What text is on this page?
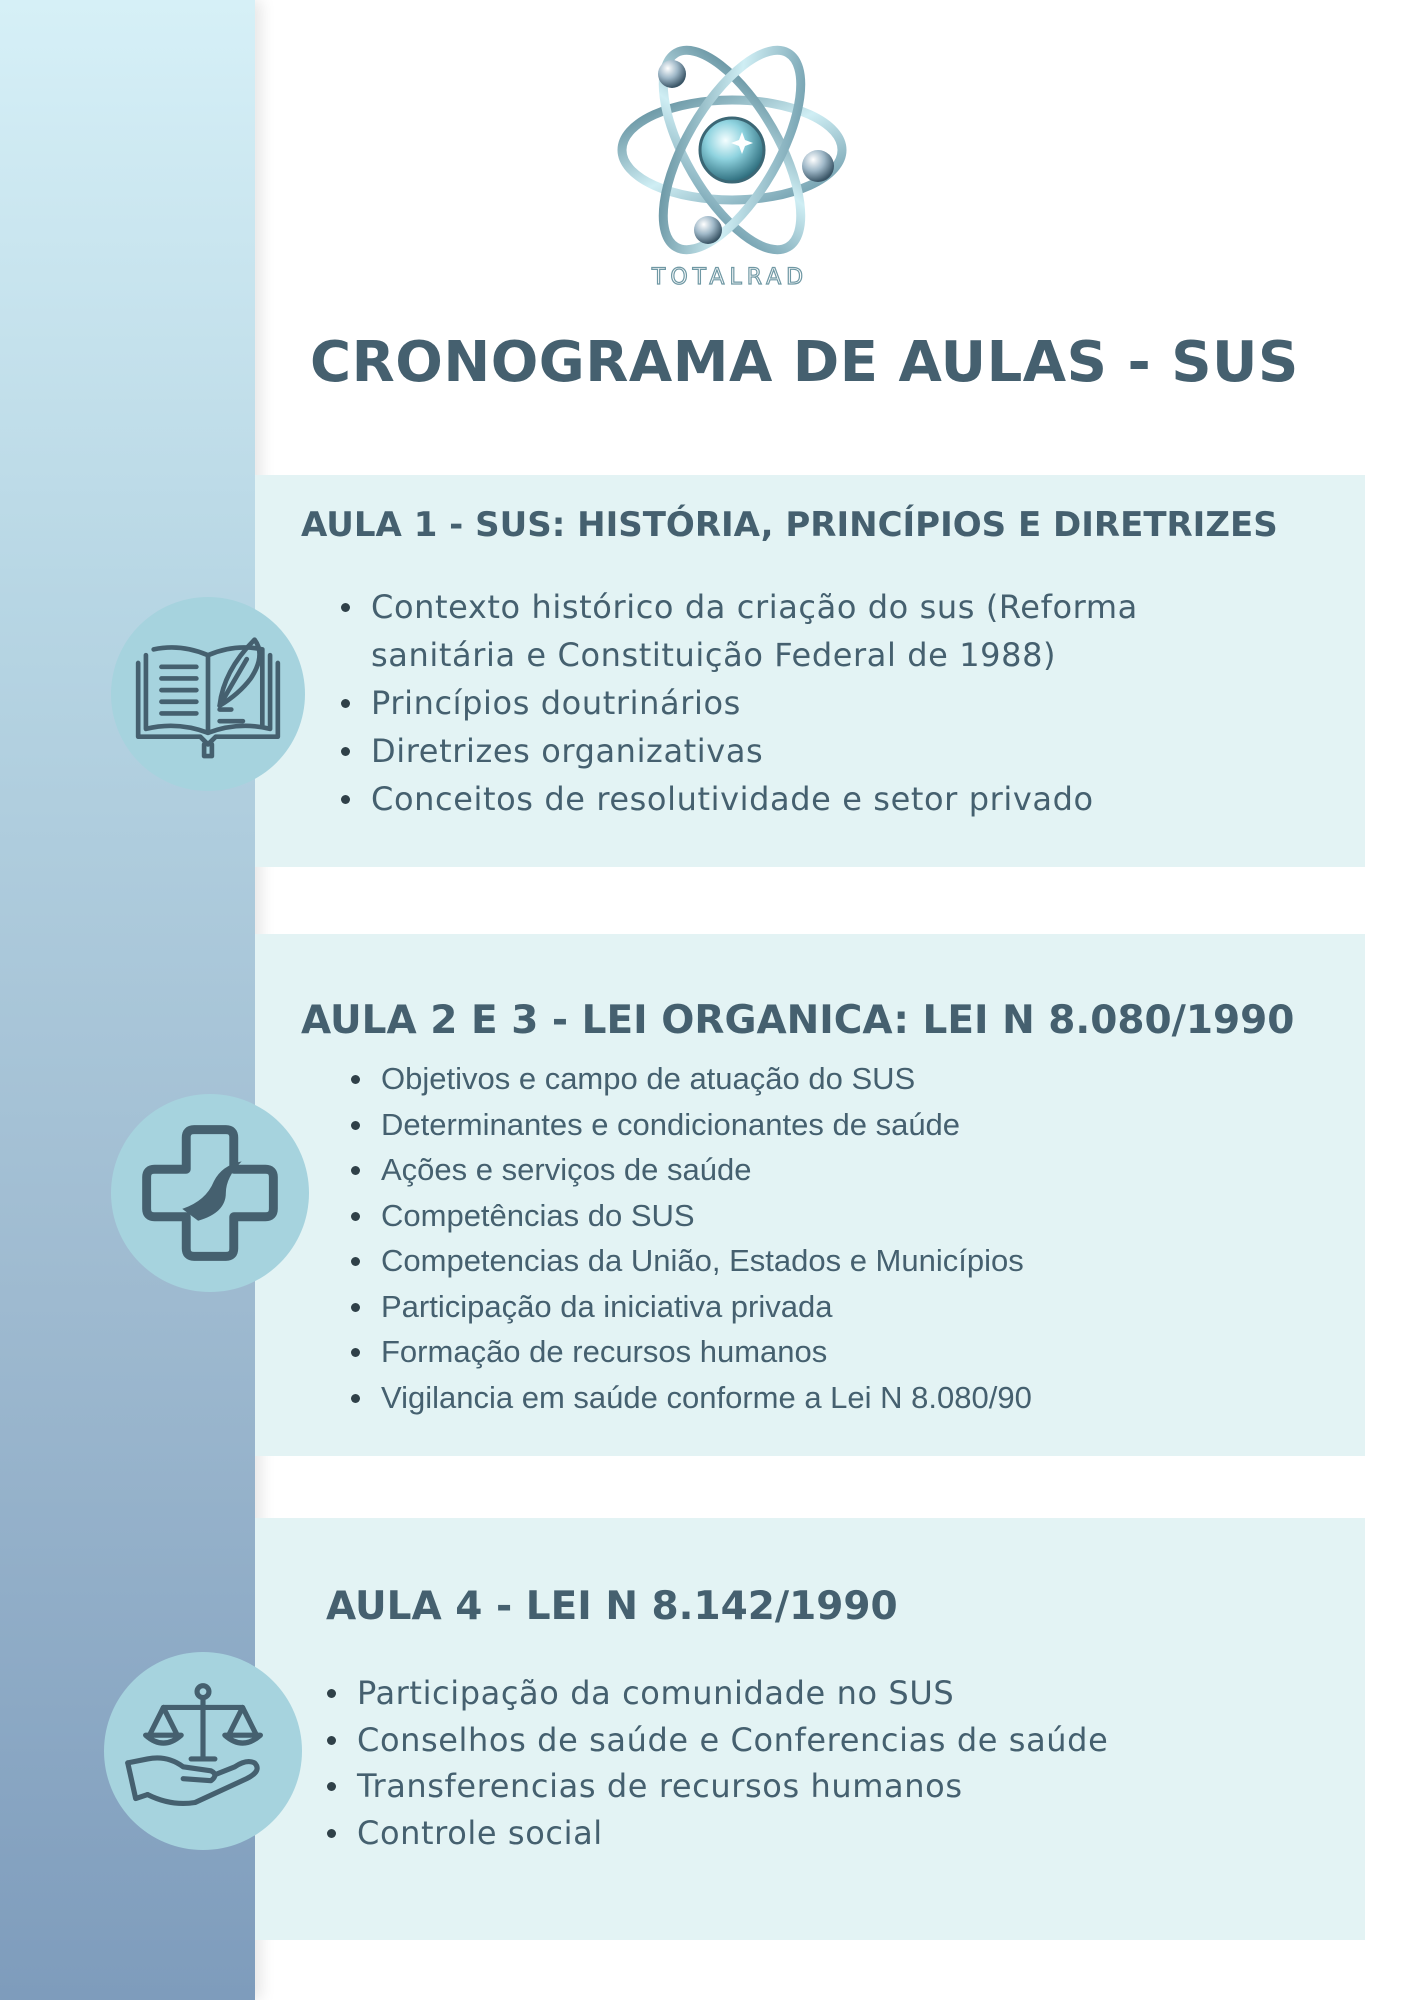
TOTALRAD
CRONOGRAMA DE AULAS - SUS
AULA 1 - SUS: HISTÓRIA, PRINCÍPIOS E DIRETRIZES
Contexto histórico da criação do sus (Reforma sanitária e Constituição Federal de 1988)
Princípios doutrinários
Diretrizes organizativas
Conceitos de resolutividade e setor privado
AULA 2 E 3 - LEI ORGANICA: LEI N 8.080/1990
Objetivos e campo de atuação do SUS
Determinantes e condicionantes de saúde
Ações e serviços de saúde
Competências do SUS
Competencias da União, Estados e Municípios
Participação da iniciativa privada
Formação de recursos humanos
Vigilancia em saúde conforme a Lei N 8.080/90
AULA 4 - LEI N 8.142/1990
Participação da comunidade no SUS
Conselhos de saúde e Conferencias de saúde
Transferencias de recursos humanos
Controle social
